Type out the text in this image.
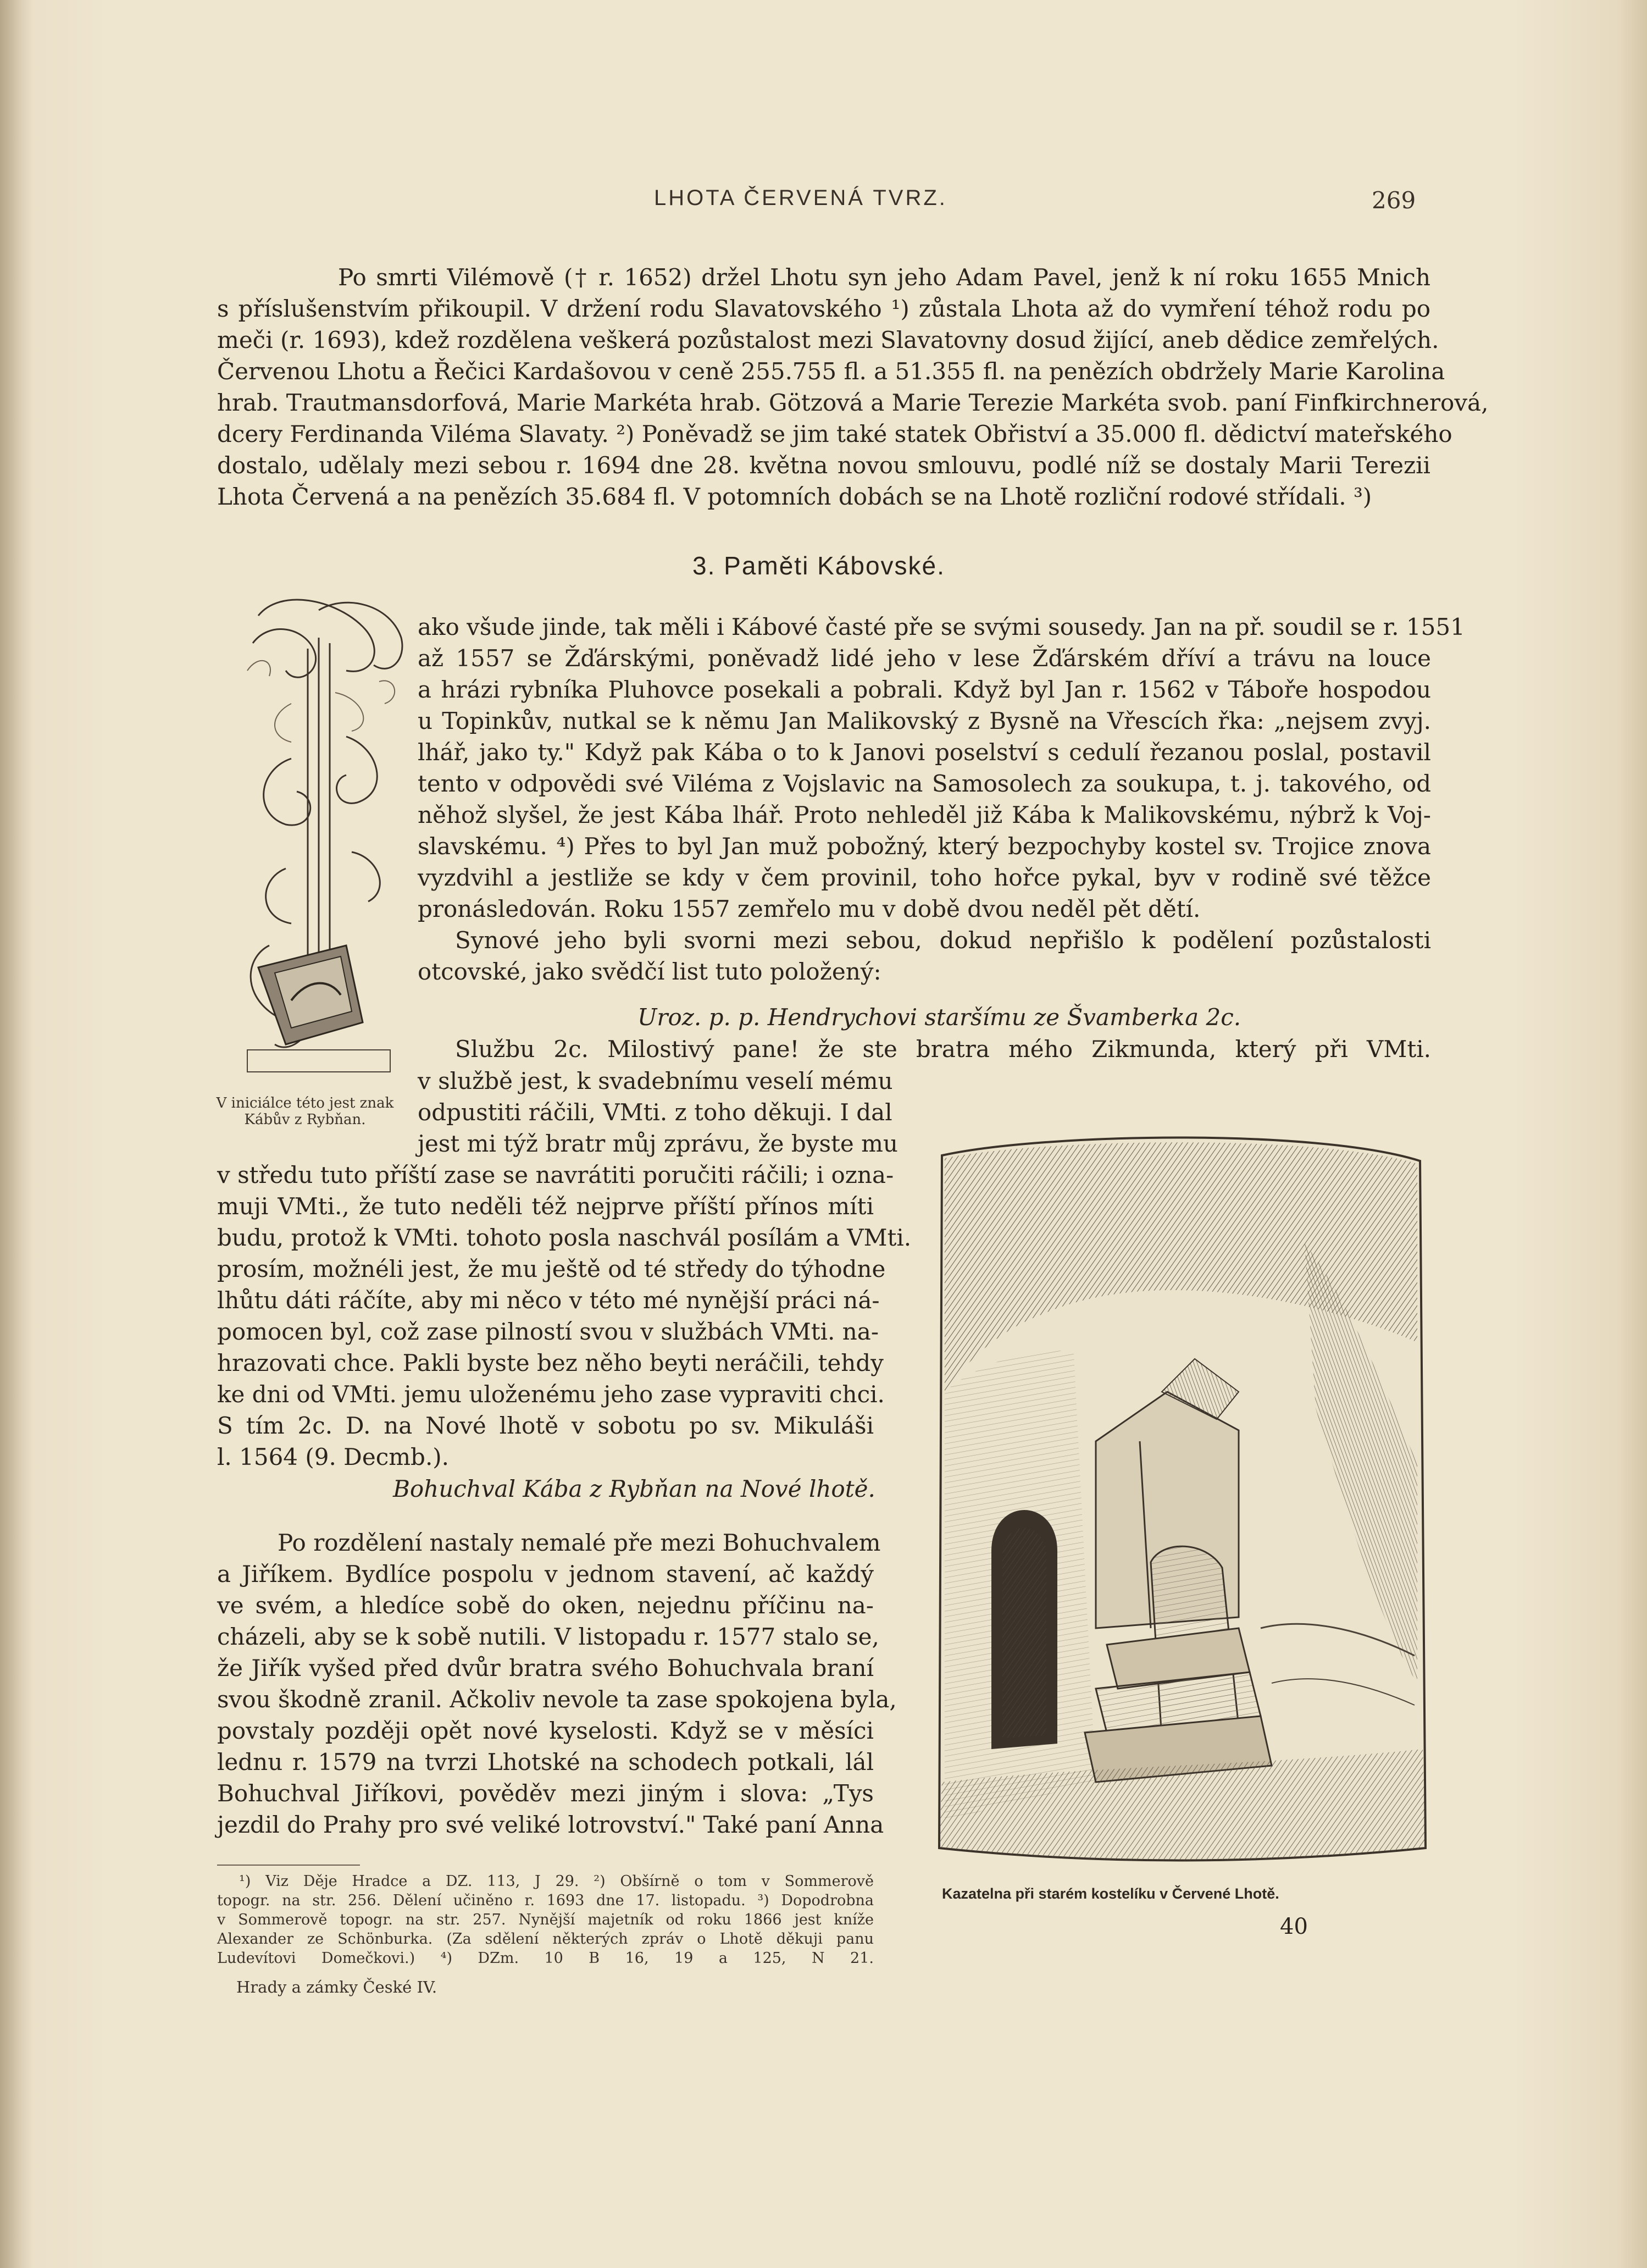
LHOTA ČERVENÁ TVRZ.	269
Po smrti Vilémově († r. 1652) držel Lhotu syn jeho Adam Pavel, jenž k ní roku 1655 Mnich
s příslušenstvím přikoupil. V držení rodu Slavatovského ¹) zůstala Lhota až do vymření téhož rodu po
meči (r. 1693), kdež rozdělena veškerá pozůstalost mezi Slavatovny dosud žijící, aneb dědice zemřelých.
Červenou Lhotu a Řečici Kardašovou v ceně 255.755 fl. a 51.355 fl. na penězích obdržely Marie Karolina
hrab. Trautmansdorfová, Marie Markéta hrab. Götzová a Marie Terezie Markéta svob. paní Finfkirchnerová,
dcery Ferdinanda Viléma Slavaty. ²) Poněvadž se jim také statek Obřiství a 35.000 fl. dědictví mateřského
dostalo, udělaly mezi sebou r. 1694 dne 28. května novou smlouvu, podlé níž se dostaly Marii Terezii
Lhota Červená a na penězích 35.684 fl. V potomních dobách se na Lhotě rozliční rodové střídali. ³)
3. Paměti Kábovské.
V iniciálce této jest znak
Kábův z Rybňan.
ako všude jinde, tak měli i Kábové časté pře se svými sousedy. Jan na př. soudil se r. 1551
až 1557 se Žďárskými, poněvadž lidé jeho v lese Žďárském dříví a trávu na louce
a hrázi rybníka Pluhovce posekali a pobrali. Když byl Jan r. 1562 v Táboře hospodou
u Topinkův, nutkal se k němu Jan Malikovský z Bysně na Vřescích řka: „nejsem zvyj.
lhář, jako ty." Když pak Kába o to k Janovi poselství s cedulí řezanou poslal, postavil
tento v odpovědi své Viléma z Vojslavic na Samosolech za soukupa, t. j. takového, od
něhož slyšel, že jest Kába lhář. Proto nehleděl již Kába k Malikovskému, nýbrž k Voj-
slavskému. ⁴) Přes to byl Jan muž pobožný, který bezpochyby kostel sv. Trojice znova
vyzdvihl a jestliže se kdy v čem provinil, toho hořce pykal, byv v rodině své těžce
pronásledován. Roku 1557 zemřelo mu v době dvou neděl pět dětí.
Synové jeho byli svorni mezi sebou, dokud nepřišlo k podělení pozůstalosti
otcovské, jako svědčí list tuto položený:
Uroz. p. p. Hendrychovi staršímu ze Švamberka 2c.
Službu 2c. Milostivý pane! že ste bratra mého Zikmunda, který při VMti.
v službě jest, k svadebnímu veselí mému
odpustiti ráčili, VMti. z toho děkuji. I dal
jest mi týž bratr můj zprávu, že byste mu
v středu tuto příští zase se navrátiti poručiti ráčili; i ozna-
muji VMti., že tuto neděli též nejprve příští přínos míti
budu, protož k VMti. tohoto posla naschvál posílám a VMti.
prosím, možnéli jest, že mu ještě od té středy do týhodne
lhůtu dáti ráčíte, aby mi něco v této mé nynější práci ná-
pomocen byl, což zase pilností svou v službách VMti. na-
hrazovati chce. Pakli byste bez něho beyti neráčili, tehdy
ke dni od VMti. jemu uloženému jeho zase vypraviti chci.
S tím 2c. D. na Nové lhotě v sobotu po sv. Mikuláši
l. 1564 (9. Decmb.).
Bohuchval Kába z Rybňan na Nové lhotě.
Po rozdělení nastaly nemalé pře mezi Bohuchvalem
a Jiříkem. Bydlíce pospolu v jednom stavení, ač každý
ve svém, a hledíce sobě do oken, nejednu příčinu na-
cházeli, aby se k sobě nutili. V listopadu r. 1577 stalo se,
že Jiřík vyšed před dvůr bratra svého Bohuchvala braní
svou škodně zranil. Ačkoliv nevole ta zase spokojena byla,
povstaly později opět nové kyselosti. Když se v měsíci
lednu r. 1579 na tvrzi Lhotské na schodech potkali, lál
Bohuchval Jiříkovi, pověděv mezi jiným i slova: „Tys
jezdil do Prahy pro své veliké lotrovství." Také paní Anna
¹) Viz Děje Hradce a DZ. 113, J 29. ²) Obšírně o tom v Sommerově
topogr. na str. 256. Dělení učiněno r. 1693 dne 17. listopadu. ³) Dopodrobna
v Sommerově topogr. na str. 257. Nynější majetník od roku 1866 jest kníže
Alexander ze Schönburka. (Za sdělení některých zpráv o Lhotě děkuji panu
Ludevítovi Domečkovi.) ⁴) DZm. 10 B 16, 19 a 125, N 21.
Hrady a zámky České IV.
Kazatelna při starém kostelíku v Červené Lhotě.
40
